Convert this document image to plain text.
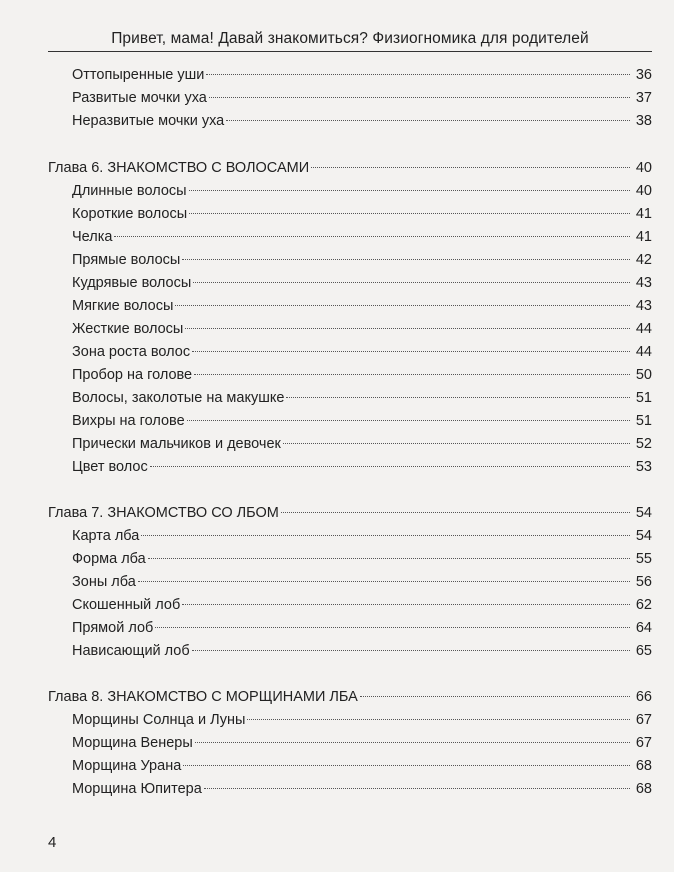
Привет, мама! Давай знакомиться? Физиогномика для родителей
Оттопыренные уши	36
Развитые мочки уха	37
Неразвитые мочки уха	38
Глава 6. ЗНАКОМСТВО С ВОЛОСАМИ	40
Длинные волосы	40
Короткие волосы	41
Челка	41
Прямые волосы	42
Кудрявые волосы	43
Мягкие волосы	43
Жесткие волосы	44
Зона роста волос	44
Пробор на голове	50
Волосы, заколотые на макушке	51
Вихры на голове	51
Прически мальчиков и девочек	52
Цвет волос	53
Глава 7. ЗНАКОМСТВО СО ЛБОМ	54
Карта лба	54
Форма лба	55
Зоны лба	56
Скошенный лоб	62
Прямой лоб	64
Нависающий лоб	65
Глава 8. ЗНАКОМСТВО С МОРЩИНАМИ ЛБА	66
Морщины Солнца и Луны	67
Морщина Венеры	67
Морщина Урана	68
Морщина Юпитера	68
4
